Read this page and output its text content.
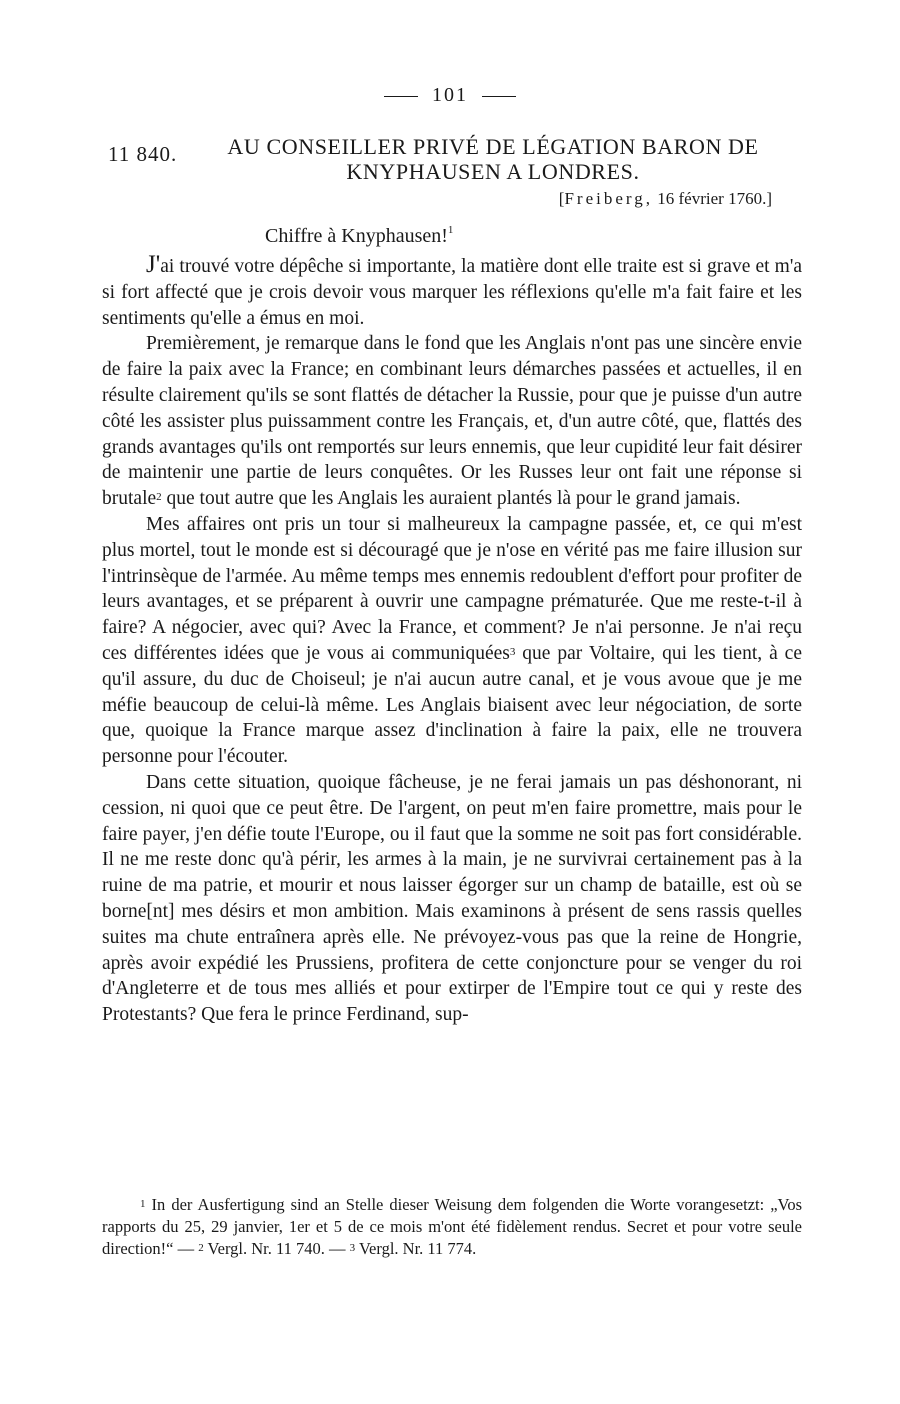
101
11 840.	AU CONSEILLER PRIVÉ DE LÉGATION BARON DE
KNYPHAUSEN A LONDRES.
[Freiberg, 16 février 1760.]
Chiffre à Knyphausen!$^1$

J'ai trouvé votre dépêche si importante, la matière dont elle traite est si grave et m'a si fort affecté que je crois devoir vous marquer les réflexions qu'elle m'a fait faire et les sentiments qu'elle a émus en moi.

Premièrement, je remarque dans le fond que les Anglais n'ont pas une sincère envie de faire la paix avec la France; en combinant leurs démarches passées et actuelles, il en résulte clairement qu'ils se sont flattés de détacher la Russie, pour que je puisse d'un autre côté les assister plus puissamment contre les Français, et, d'un autre côté, que, flattés des grands avantages qu'ils ont remportés sur leurs ennemis, que leur cupidité leur fait désirer de maintenir une partie de leurs conquêtes. Or les Russes leur ont fait une réponse si brutale$^2$ que tout autre que les Anglais les auraient plantés là pour le grand jamais.

Mes affaires ont pris un tour si malheureux la campagne passée, et, ce qui m'est plus mortel, tout le monde est si découragé que je n'ose en vérité pas me faire illusion sur l'intrinsèque de l'armée. Au même temps mes ennemis redoublent d'effort pour profiter de leurs avantages, et se préparent à ouvrir une campagne prématurée. Que me reste-t-il à faire? A négocier, avec qui? Avec la France, et comment? Je n'ai personne. Je n'ai reçu ces différentes idées que je vous ai communiquées$^3$ que par Voltaire, qui les tient, à ce qu'il assure, du duc de Choiseul; je n'ai aucun autre canal, et je vous avoue que je me méfie beaucoup de celui-là même. Les Anglais biaisent avec leur négociation, de sorte que, quoique la France marque assez d'inclination à faire la paix, elle ne trouvera personne pour l'écouter.

Dans cette situation, quoique fâcheuse, je ne ferai jamais un pas déshonorant, ni cession, ni quoi que ce peut être. De l'argent, on peut m'en faire promettre, mais pour le faire payer, j'en défie toute l'Europe, ou il faut que la somme ne soit pas fort considérable. Il ne me reste donc qu'à périr, les armes à la main, je ne survivrai certainement pas à la ruine de ma patrie, et mourir et nous laisser égorger sur un champ de bataille, est où se borne[nt] mes désirs et mon ambition. Mais examinons à présent de sens rassis quelles suites ma chute entraînera après elle. Ne prévoyez-vous pas que la reine de Hongrie, après avoir expédié les Prussiens, profitera de cette conjoncture pour se venger du roi d'Angleterre et de tous mes alliés et pour extirper de l'Empire tout ce qui y reste des Protestants? Que fera le prince Ferdinand, sup-

$^1$ In der Ausfertigung sind an Stelle dieser Weisung dem folgenden die Worte vorangesetzt: „Vos rapports du 25, 29 janvier, 1er et 5 de ce mois m'ont été fidèlement rendus. Secret et pour votre seule direction!“ — $^2$ Vergl. Nr. 11 740. — $^3$ Vergl. Nr. 11 774.
